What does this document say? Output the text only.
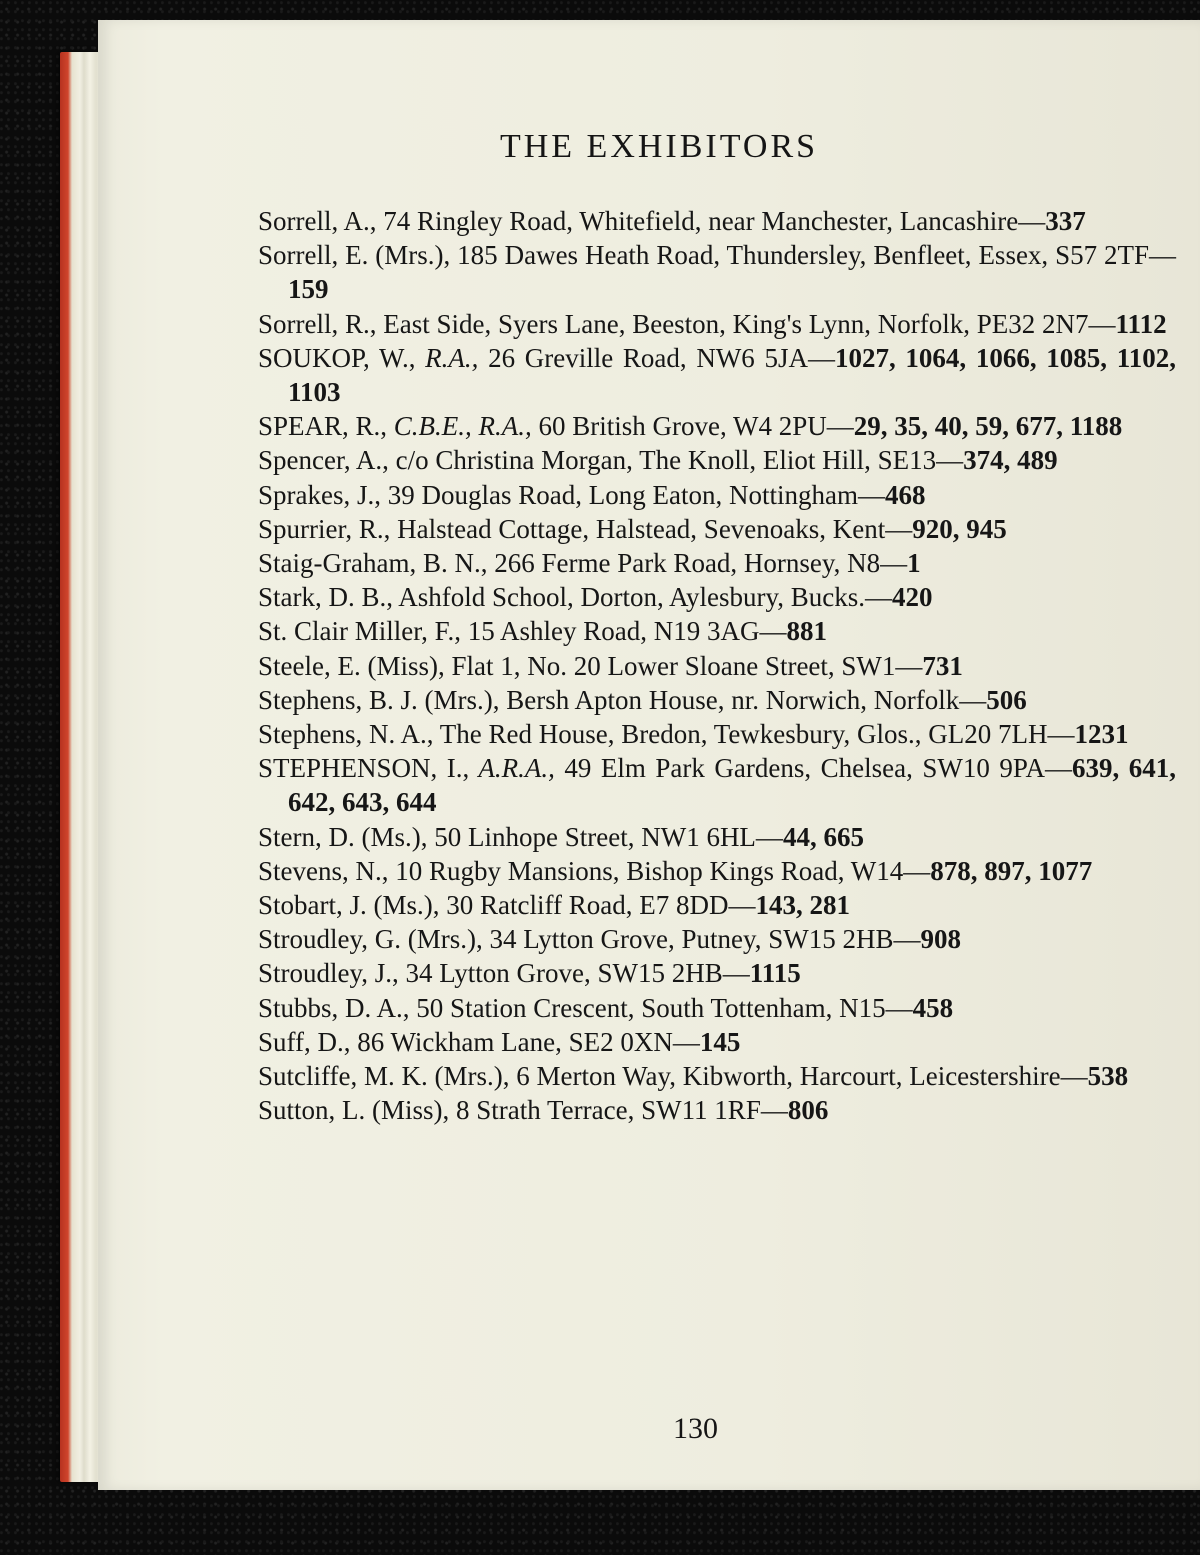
THE EXHIBITORS
Sorrell, A., 74 Ringley Road, Whitefield, near Manchester, Lancashire—337
Sorrell, E. (Mrs.), 185 Dawes Heath Road, Thundersley, Benfleet, Essex, S57 2TF—159
Sorrell, R., East Side, Syers Lane, Beeston, King's Lynn, Norfolk, PE32 2N7—1112
SOUKOP, W., R.A., 26 Greville Road, NW6 5JA—1027, 1064, 1066, 1085, 1102, 1103
SPEAR, R., C.B.E., R.A., 60 British Grove, W4 2PU—29, 35, 40, 59, 677, 1188
Spencer, A., c/o Christina Morgan, The Knoll, Eliot Hill, SE13—374, 489
Sprakes, J., 39 Douglas Road, Long Eaton, Nottingham—468
Spurrier, R., Halstead Cottage, Halstead, Sevenoaks, Kent—920, 945
Staig-Graham, B. N., 266 Ferme Park Road, Hornsey, N8—1
Stark, D. B., Ashfold School, Dorton, Aylesbury, Bucks.—420
St. Clair Miller, F., 15 Ashley Road, N19 3AG—881
Steele, E. (Miss), Flat 1, No. 20 Lower Sloane Street, SW1—731
Stephens, B. J. (Mrs.), Bersh Apton House, nr. Norwich, Norfolk—506
Stephens, N. A., The Red House, Bredon, Tewkesbury, Glos., GL20 7LH—1231
STEPHENSON, I., A.R.A., 49 Elm Park Gardens, Chelsea, SW10 9PA—639, 641, 642, 643, 644
Stern, D. (Ms.), 50 Linhope Street, NW1 6HL—44, 665
Stevens, N., 10 Rugby Mansions, Bishop Kings Road, W14—878, 897, 1077
Stobart, J. (Ms.), 30 Ratcliff Road, E7 8DD—143, 281
Stroudley, G. (Mrs.), 34 Lytton Grove, Putney, SW15 2HB—908
Stroudley, J., 34 Lytton Grove, SW15 2HB—1115
Stubbs, D. A., 50 Station Crescent, South Tottenham, N15—458
Suff, D., 86 Wickham Lane, SE2 0XN—145
Sutcliffe, M. K. (Mrs.), 6 Merton Way, Kibworth, Harcourt, Leicestershire—538
Sutton, L. (Miss), 8 Strath Terrace, SW11 1RF—806
130
